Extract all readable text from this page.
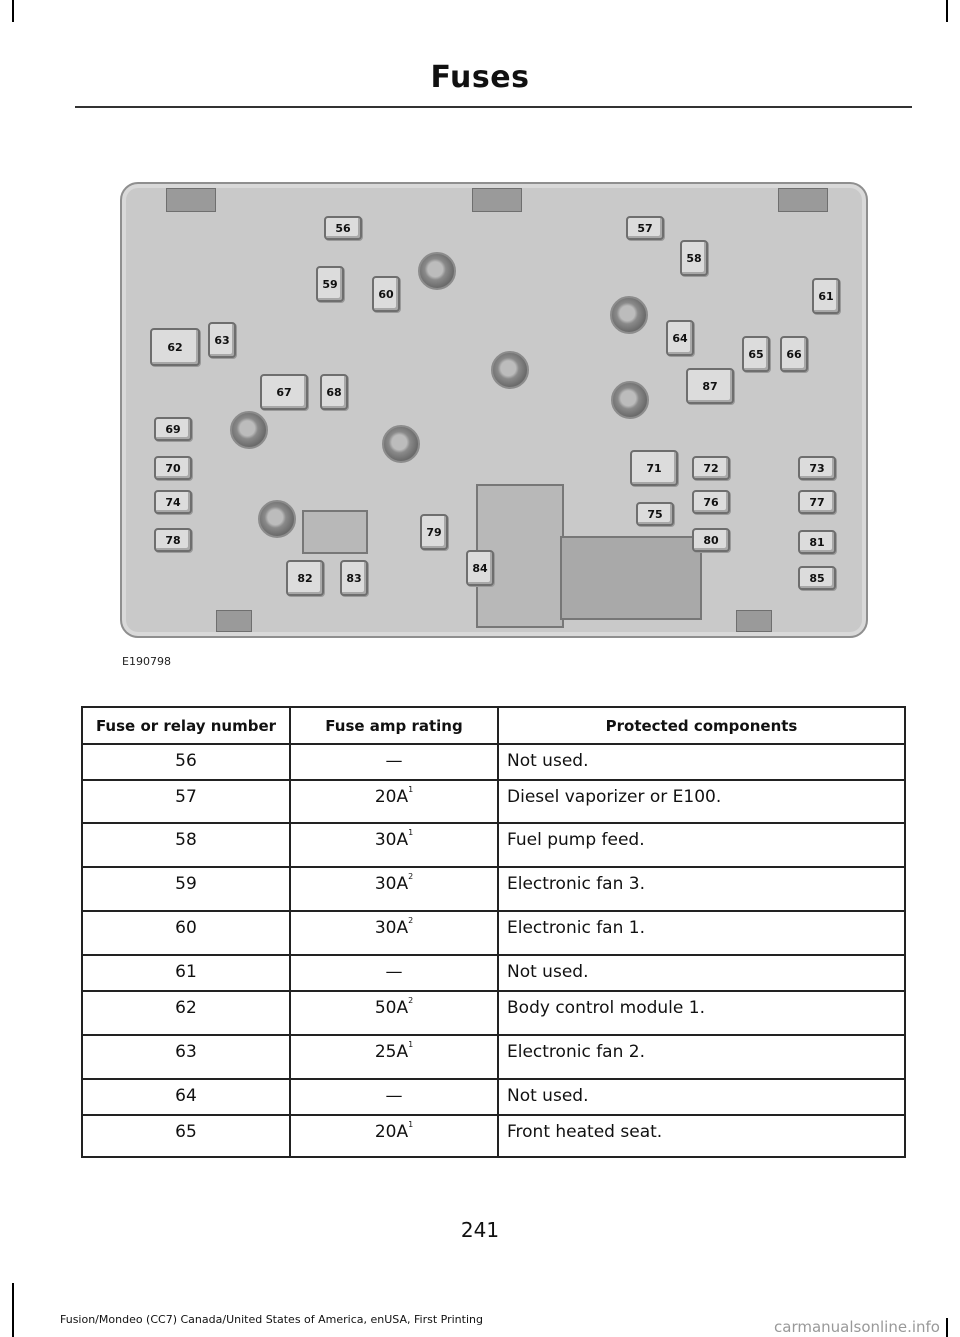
Fuses
56	57
58
59
60	61
62
63	64
65	66
67	68	87
69
70	71	72	73
74
75
76	77
78
79
80	81
82	83
84
85
E190798
Fuse or relay number	Fuse amp rating	Protected components
56	—	Not used.
57	$20A^1$	Diesel vaporizer or E100.
58	$30A^1$	Fuel pump feed.
59	$30A^2$	Electronic fan 3.
60	$30A^2$	Electronic fan 1.
61	—	Not used.
62	$50A^2$	Body control module 1.
63	$25A^1$	Electronic fan 2.
64	—	Not used.
65	$20A^1$	Front heated seat.
241
Fusion/Mondeo (CC7) Canada/United States of America, enUSA, First Printing	carmanualsonline.info
